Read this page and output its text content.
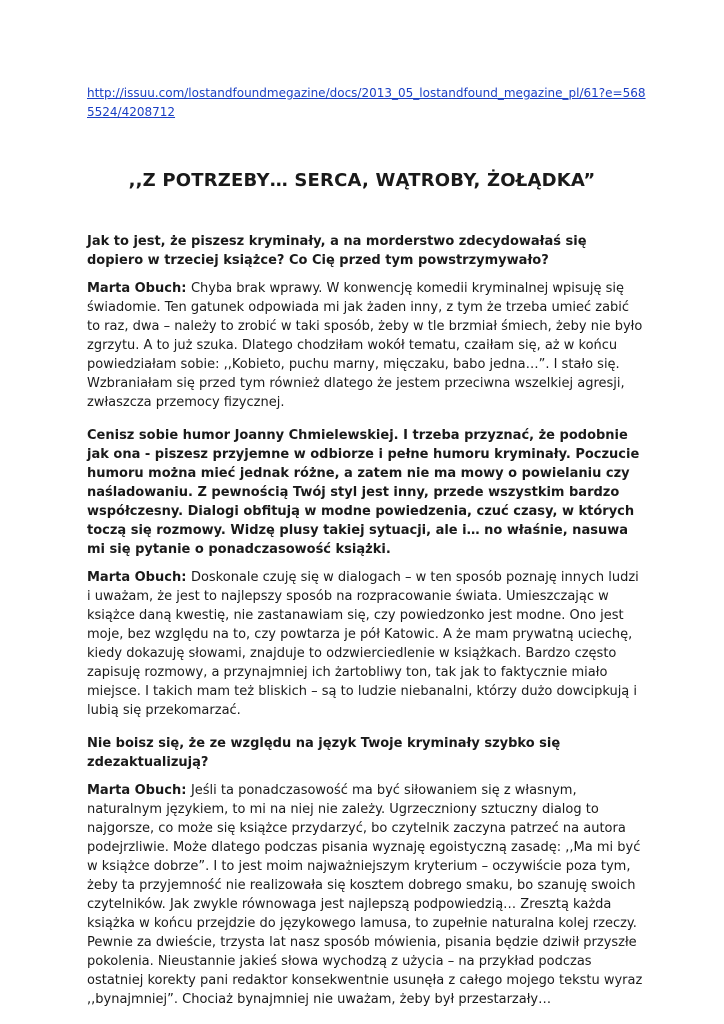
http://issuu.com/lostandfoundmegazine/docs/2013_05_lostandfound_megazine_pl/61?e=5685524/4208712
,,Z POTRZEBY… SERCA, WĄTROBY, ŻOŁĄDKA”

Jak to jest, że piszesz kryminały, a na morderstwo zdecydowałaś się dopiero w trzeciej książce? Co Cię przed tym powstrzymywało?

Marta Obuch: Chyba brak wprawy. W konwencję komedii kryminalnej wpisuję się świadomie. Ten gatunek odpowiada mi jak żaden inny, z tym że trzeba umieć zabić to raz, dwa – należy to zrobić w taki sposób, żeby w tle brzmiał śmiech, żeby nie było zgrzytu. A to już szuka. Dlatego chodziłam wokół tematu, czaiłam się, aż w końcu powiedziałam sobie: ,,Kobieto, puchu marny, mięczaku, babo jedna…”. I stało się. Wzbraniałam się przed tym również dlatego że jestem przeciwna wszelkiej agresji, zwłaszcza przemocy fizycznej.

Cenisz sobie humor Joanny Chmielewskiej. I trzeba przyznać, że podobnie jak ona - piszesz przyjemne w odbiorze i pełne humoru kryminały. Poczucie humoru można mieć jednak różne, a zatem nie ma mowy o powielaniu czy naśladowaniu. Z pewnością Twój styl jest inny, przede wszystkim bardzo współczesny. Dialogi obfitują w modne powiedzenia, czuć czasy, w których toczą się rozmowy. Widzę plusy takiej sytuacji, ale i… no właśnie, nasuwa mi się pytanie o ponadczasowość książki.

Marta Obuch: Doskonale czuję się w dialogach – w ten sposób poznaję innych ludzi i uważam, że jest to najlepszy sposób na rozpracowanie świata. Umieszczając w książce daną kwestię, nie zastanawiam się, czy powiedzonko jest modne. Ono jest moje, bez względu na to, czy powtarza je pół Katowic. A że mam prywatną uciechę, kiedy dokazuję słowami, znajduje to odzwierciedlenie w książkach. Bardzo często zapisuję rozmowy, a przynajmniej ich żartobliwy ton, tak jak to faktycznie miało miejsce. I takich mam też bliskich – są to ludzie niebanalni, którzy dużo dowcipkują i lubią się przekomarzać.

Nie boisz się, że ze względu na język Twoje kryminały szybko się zdezaktualizują?

Marta Obuch: Jeśli ta ponadczasowość ma być siłowaniem się z własnym, naturalnym językiem, to mi na niej nie zależy. Ugrzeczniony sztuczny dialog to najgorsze, co może się książce przydarzyć, bo czytelnik zaczyna patrzeć na autora podejrzliwie. Może dlatego podczas pisania wyznaję egoistyczną zasadę: ,,Ma mi być w książce dobrze”. I to jest moim najważniejszym kryterium – oczywiście poza tym, żeby ta przyjemność nie realizowała się kosztem dobrego smaku, bo szanuję swoich czytelników. Jak zwykle równowaga jest najlepszą podpowiedzią… Zresztą każda książka w końcu przejdzie do językowego lamusa, to zupełnie naturalna kolej rzeczy. Pewnie za dwieście, trzysta lat nasz sposób mówienia, pisania będzie dziwił przyszłe pokolenia. Nieustannie jakieś słowa wychodzą z użycia – na przykład podczas ostatniej korekty pani redaktor konsekwentnie usunęła z całego mojego tekstu wyraz ,,bynajmniej”. Chociaż bynajmniej nie uważam, żeby był przestarzały…
